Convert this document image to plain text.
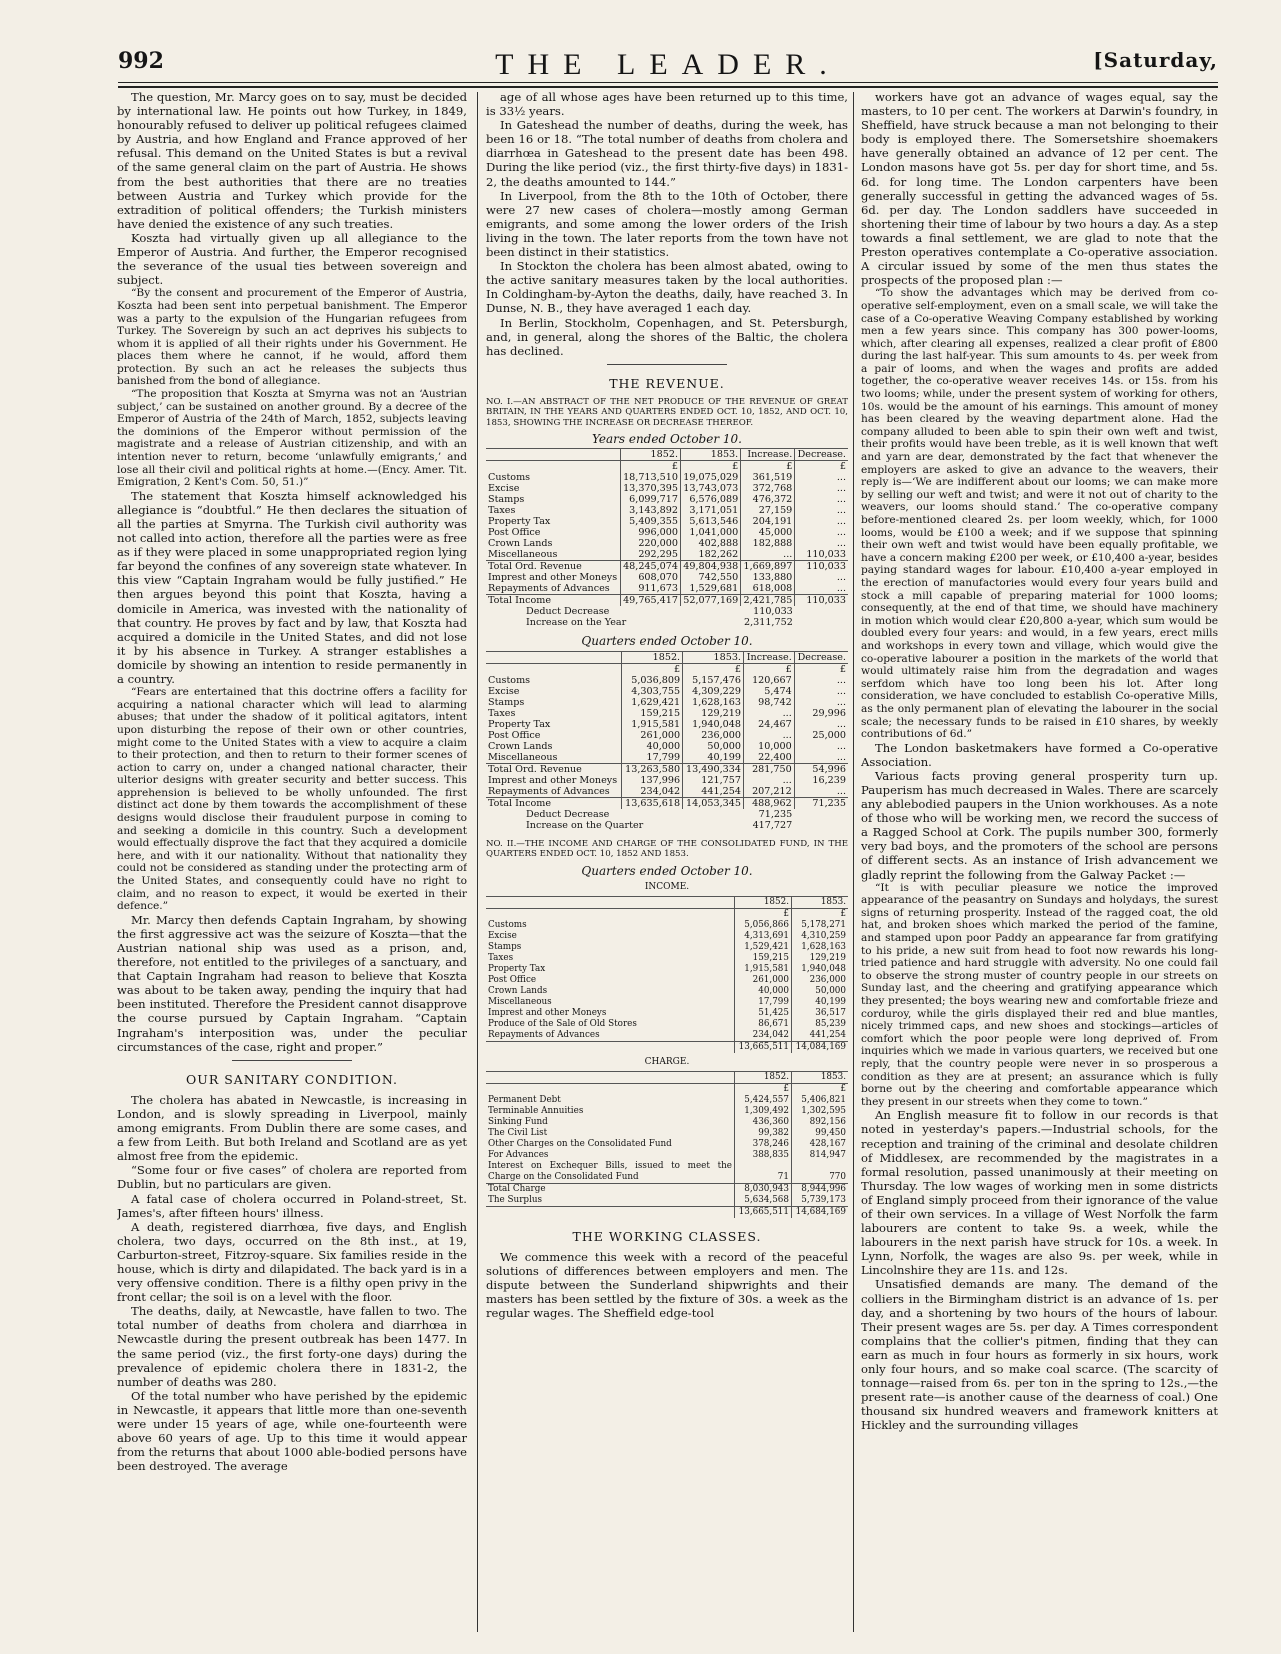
992	THE LEADER.	[Saturday,

The question, Mr. Marcy goes on to say, must be decided by international law. He points out how Turkey, in 1849, honourably refused to deliver up political refugees claimed by Austria, and how England and France approved of her refusal. This demand on the United States is but a revival of the same general claim on the part of Austria. He shows from the best authorities that there are no treaties between Austria and Turkey which provide for the extradition of political offenders; the Turkish ministers have denied the existence of any such treaties.

Koszta had virtually given up all allegiance to the Emperor of Austria. And further, the Emperor recognised the severance of the usual ties between sovereign and subject.

“By the consent and procurement of the Emperor of Austria, Koszta had been sent into perpetual banishment. The Emperor was a party to the expulsion of the Hungarian refugees from Turkey. The Sovereign by such an act deprives his subjects to whom it is applied of all their rights under his Government. He places them where he cannot, if he would, afford them protection. By such an act he releases the subjects thus banished from the bond of allegiance.

“The proposition that Koszta at Smyrna was not an ‘Austrian subject,’ can be sustained on another ground. By a decree of the Emperor of Austria of the 24th of March, 1852, subjects leaving the dominions of the Emperor without permission of the magistrate and a release of Austrian citizenship, and with an intention never to return, become ‘unlawfully emigrants,’ and lose all their civil and political rights at home.—(Ency. Amer. Tit. Emigration, 2 Kent's Com. 50, 51.)”

The statement that Koszta himself acknowledged his allegiance is “doubtful.” He then declares the situation of all the parties at Smyrna. The Turkish civil authority was not called into action, therefore all the parties were as free as if they were placed in some unappropriated region lying far beyond the confines of any sovereign state whatever. In this view “Captain Ingraham would be fully justified.” He then argues beyond this point that Koszta, having a domicile in America, was invested with the nationality of that country. He proves by fact and by law, that Koszta had acquired a domicile in the United States, and did not lose it by his absence in Turkey. A stranger establishes a domicile by showing an intention to reside permanently in a country.

“Fears are entertained that this doctrine offers a facility for acquiring a national character which will lead to alarming abuses; that under the shadow of it political agitators, intent upon disturbing the repose of their own or other countries, might come to the United States with a view to acquire a claim to their protection, and then to return to their former scenes of action to carry on, under a changed national character, their ulterior designs with greater security and better success. This apprehension is believed to be wholly unfounded. The first distinct act done by them towards the accomplishment of these designs would disclose their fraudulent purpose in coming to and seeking a domicile in this country. Such a development would effectually disprove the fact that they acquired a domicile here, and with it our nationality. Without that nationality they could not be considered as standing under the protecting arm of the United States, and consequently could have no right to claim, and no reason to expect, it would be exerted in their defence.”

Mr. Marcy then defends Captain Ingraham, by showing the first aggressive act was the seizure of Koszta—that the Austrian national ship was used as a prison, and, therefore, not entitled to the privileges of a sanctuary, and that Captain Ingraham had reason to believe that Koszta was about to be taken away, pending the inquiry that had been instituted. Therefore the President cannot disapprove the course pursued by Captain Ingraham. “Captain Ingraham's interposition was, under the peculiar circumstances of the case, right and proper.”

OUR SANITARY CONDITION.

The cholera has abated in Newcastle, is increasing in London, and is slowly spreading in Liverpool, mainly among emigrants. From Dublin there are some cases, and a few from Leith. But both Ireland and Scotland are as yet almost free from the epidemic.

“Some four or five cases” of cholera are reported from Dublin, but no particulars are given.

A fatal case of cholera occurred in Poland-street, St. James's, after fifteen hours' illness.

A death, registered diarrhœa, five days, and English cholera, two days, occurred on the 8th inst., at 19, Carburton-street, Fitzroy-square. Six families reside in the house, which is dirty and dilapidated. The back yard is in a very offensive condition. There is a filthy open privy in the front cellar; the soil is on a level with the floor.

The deaths, daily, at Newcastle, have fallen to two. The total number of deaths from cholera and diarrhœa in Newcastle during the present outbreak has been 1477. In the same period (viz., the first forty-one days) during the prevalence of epidemic cholera there in 1831-2, the number of deaths was 280.

Of the total number who have perished by the epidemic in Newcastle, it appears that little more than one-seventh were under 15 years of age, while one-fourteenth were above 60 years of age. Up to this time it would appear from the returns that about 1000 able-bodied persons have been destroyed. The average

age of all whose ages have been returned up to this time, is 33½ years.

In Gateshead the number of deaths, during the week, has been 16 or 18. “The total number of deaths from cholera and diarrhœa in Gateshead to the present date has been 498. During the like period (viz., the first thirty-five days) in 1831-2, the deaths amounted to 144.”

In Liverpool, from the 8th to the 10th of October, there were 27 new cases of cholera—mostly among German emigrants, and some among the lower orders of the Irish living in the town. The later reports from the town have not been distinct in their statistics.

In Stockton the cholera has been almost abated, owing to the active sanitary measures taken by the local authorities. In Coldingham-by-Ayton the deaths, daily, have reached 3. In Dunse, N. B., they have averaged 1 each day.

In Berlin, Stockholm, Copenhagen, and St. Petersburgh, and, in general, along the shores of the Baltic, the cholera has declined.

THE REVENUE.
NO. I.—AN ABSTRACT OF THE NET PRODUCE OF THE REVENUE OF GREAT BRITAIN, IN THE YEARS AND QUARTERS ENDED OCT. 10, 1852, AND OCT. 10, 1853, SHOWING THE INCREASE OR DECREASE THEREOF.
Years ended October 10.
	1852.	1853.	Increase.	Decrease.
	£	£	£	£
Customs	18,713,510	19,075,029	361,519	...
Excise	13,370,395	13,743,073	372,768	...
Stamps	6,099,717	6,576,089	476,372	...
Taxes	3,143,892	3,171,051	27,159	...
Property Tax	5,409,355	5,613,546	204,191	...
Post Office	996,000	1,041,000	45,000	...
Crown Lands	220,000	402,888	182,888	...
Miscellaneous	292,295	182,262	...	110,033
Total Ord. Revenue	48,245,074	49,804,938	1,669,897	110,033
Imprest and other Moneys	608,070	742,550	133,880	...
Repayments of Advances	911,673	1,529,681	618,008	...
Total Income	49,765,417	52,077,169	2,421,785	110,033
Deduct Decrease			110,033	
Increase on the Year			2,311,752	
Quarters ended October 10.
	1852.	1853.	Increase.	Decrease.
	£	£	£	£
Customs	5,036,809	5,157,476	120,667	...
Excise	4,303,755	4,309,229	5,474	...
Stamps	1,629,421	1,628,163	98,742	...
Taxes	159,215	129,219	...	29,996
Property Tax	1,915,581	1,940,048	24,467	...
Post Office	261,000	236,000	...	25,000
Crown Lands	40,000	50,000	10,000	...
Miscellaneous	17,799	40,199	22,400	...
Total Ord. Revenue	13,263,580	13,490,334	281,750	54,996
Imprest and other Moneys	137,996	121,757	...	16,239
Repayments of Advances	234,042	441,254	207,212	...
Total Income	13,635,618	14,053,345	488,962	71,235
Deduct Decrease			71,235	
Increase on the Quarter			417,727	
NO. II.—THE INCOME AND CHARGE OF THE CONSOLIDATED FUND, IN THE QUARTERS ENDED OCT. 10, 1852 AND 1853.
Quarters ended October 10.
INCOME.
	1852.	1853.
	£	£
Customs	5,056,866	5,178,271
Excise	4,313,691	4,310,259
Stamps	1,529,421	1,628,163
Taxes	159,215	129,219
Property Tax	1,915,581	1,940,048
Post Office	261,000	236,000
Crown Lands	40,000	50,000
Miscellaneous	17,799	40,199
Imprest and other Moneys	51,425	36,517
Produce of the Sale of Old Stores	86,671	85,239
Repayments of Advances	234,042	441,254
	13,665,511	14,084,169
CHARGE.
	1852.	1853.
	£	£
Permanent Debt	5,424,557	5,406,821
Terminable Annuities	1,309,492	1,302,595
Sinking Fund	436,360	892,156
The Civil List	99,382	99,450
Other Charges on the Consolidated Fund	378,246	428,167
For Advances	388,835	814,947
Interest on Exchequer Bills, issued to meet the Charge on the Consolidated Fund	71	770
Total Charge	8,030,943	8,944,996
The Surplus	5,634,568	5,739,173
	13,665,511	14,684,169
THE WORKING CLASSES.

We commence this week with a record of the peaceful solutions of differences between employers and men. The dispute between the Sunderland shipwrights and their masters has been settled by the fixture of 30s. a week as the regular wages. The Sheffield edge-tool

workers have got an advance of wages equal, say the masters, to 10 per cent. The workers at Darwin's foundry, in Sheffield, have struck because a man not belonging to their body is employed there. The Somersetshire shoemakers have generally obtained an advance of 12 per cent. The London masons have got 5s. per day for short time, and 5s. 6d. for long time. The London carpenters have been generally successful in getting the advanced wages of 5s. 6d. per day. The London saddlers have succeeded in shortening their time of labour by two hours a day. As a step towards a final settlement, we are glad to note that the Preston operatives contemplate a Co-operative association. A circular issued by some of the men thus states the prospects of the proposed plan :—

“To show the advantages which may be derived from co-operative self-employment, even on a small scale, we will take the case of a Co-operative Weaving Company established by working men a few years since. This company has 300 power-looms, which, after clearing all expenses, realized a clear profit of £800 during the last half-year. This sum amounts to 4s. per week from a pair of looms, and when the wages and profits are added together, the co-operative weaver receives 14s. or 15s. from his two looms; while, under the present system of working for others, 10s. would be the amount of his earnings. This amount of money has been cleared by the weaving department alone. Had the company alluded to been able to spin their own weft and twist, their profits would have been treble, as it is well known that weft and yarn are dear, demonstrated by the fact that whenever the employers are asked to give an advance to the weavers, their reply is—‘We are indifferent about our looms; we can make more by selling our weft and twist; and were it not out of charity to the weavers, our looms should stand.’ The co-operative company before-mentioned cleared 2s. per loom weekly, which, for 1000 looms, would be £100 a week; and if we suppose that spinning their own weft and twist would have been equally profitable, we have a concern making £200 per week, or £10,400 a-year, besides paying standard wages for labour. £10,400 a-year employed in the erection of manufactories would every four years build and stock a mill capable of preparing material for 1000 looms; consequently, at the end of that time, we should have machinery in motion which would clear £20,800 a-year, which sum would be doubled every four years: and would, in a few years, erect mills and workshops in every town and village, which would give the co-operative labourer a position in the markets of the world that would ultimately raise him from the degradation and wages serfdom which have too long been his lot. After long consideration, we have concluded to establish Co-operative Mills, as the only permanent plan of elevating the labourer in the social scale; the necessary funds to be raised in £10 shares, by weekly contributions of 6d.”

The London basketmakers have formed a Co-operative Association.

Various facts proving general prosperity turn up. Pauperism has much decreased in Wales. There are scarcely any ablebodied paupers in the Union workhouses. As a note of those who will be working men, we record the success of a Ragged School at Cork. The pupils number 300, formerly very bad boys, and the promoters of the school are persons of different sects. As an instance of Irish advancement we gladly reprint the following from the Galway Packet :—

“It is with peculiar pleasure we notice the improved appearance of the peasantry on Sundays and holydays, the surest signs of returning prosperity. Instead of the ragged coat, the old hat, and broken shoes which marked the period of the famine, and stamped upon poor Paddy an appearance far from gratifying to his pride, a new suit from head to foot now rewards his long-tried patience and hard struggle with adversity. No one could fail to observe the strong muster of country people in our streets on Sunday last, and the cheering and gratifying appearance which they presented; the boys wearing new and comfortable frieze and corduroy, while the girls displayed their red and blue mantles, nicely trimmed caps, and new shoes and stockings—articles of comfort which the poor people were long deprived of. From inquiries which we made in various quarters, we received but one reply, that the country people were never in so prosperous a condition as they are at present; an assurance which is fully borne out by the cheering and comfortable appearance which they present in our streets when they come to town.”

An English measure fit to follow in our records is that noted in yesterday's papers.—Industrial schools, for the reception and training of the criminal and desolate children of Middlesex, are recommended by the magistrates in a formal resolution, passed unanimously at their meeting on Thursday. The low wages of working men in some districts of England simply proceed from their ignorance of the value of their own services. In a village of West Norfolk the farm labourers are content to take 9s. a week, while the labourers in the next parish have struck for 10s. a week. In Lynn, Norfolk, the wages are also 9s. per week, while in Lincolnshire they are 11s. and 12s.

Unsatisfied demands are many. The demand of the colliers in the Birmingham district is an advance of 1s. per day, and a shortening by two hours of the hours of labour. Their present wages are 5s. per day. A Times correspondent complains that the collier's pitmen, finding that they can earn as much in four hours as formerly in six hours, work only four hours, and so make coal scarce. (The scarcity of tonnage—raised from 6s. per ton in the spring to 12s.,—the present rate—is another cause of the dearness of coal.) One thousand six hundred weavers and framework knitters at Hickley and the surrounding villages
